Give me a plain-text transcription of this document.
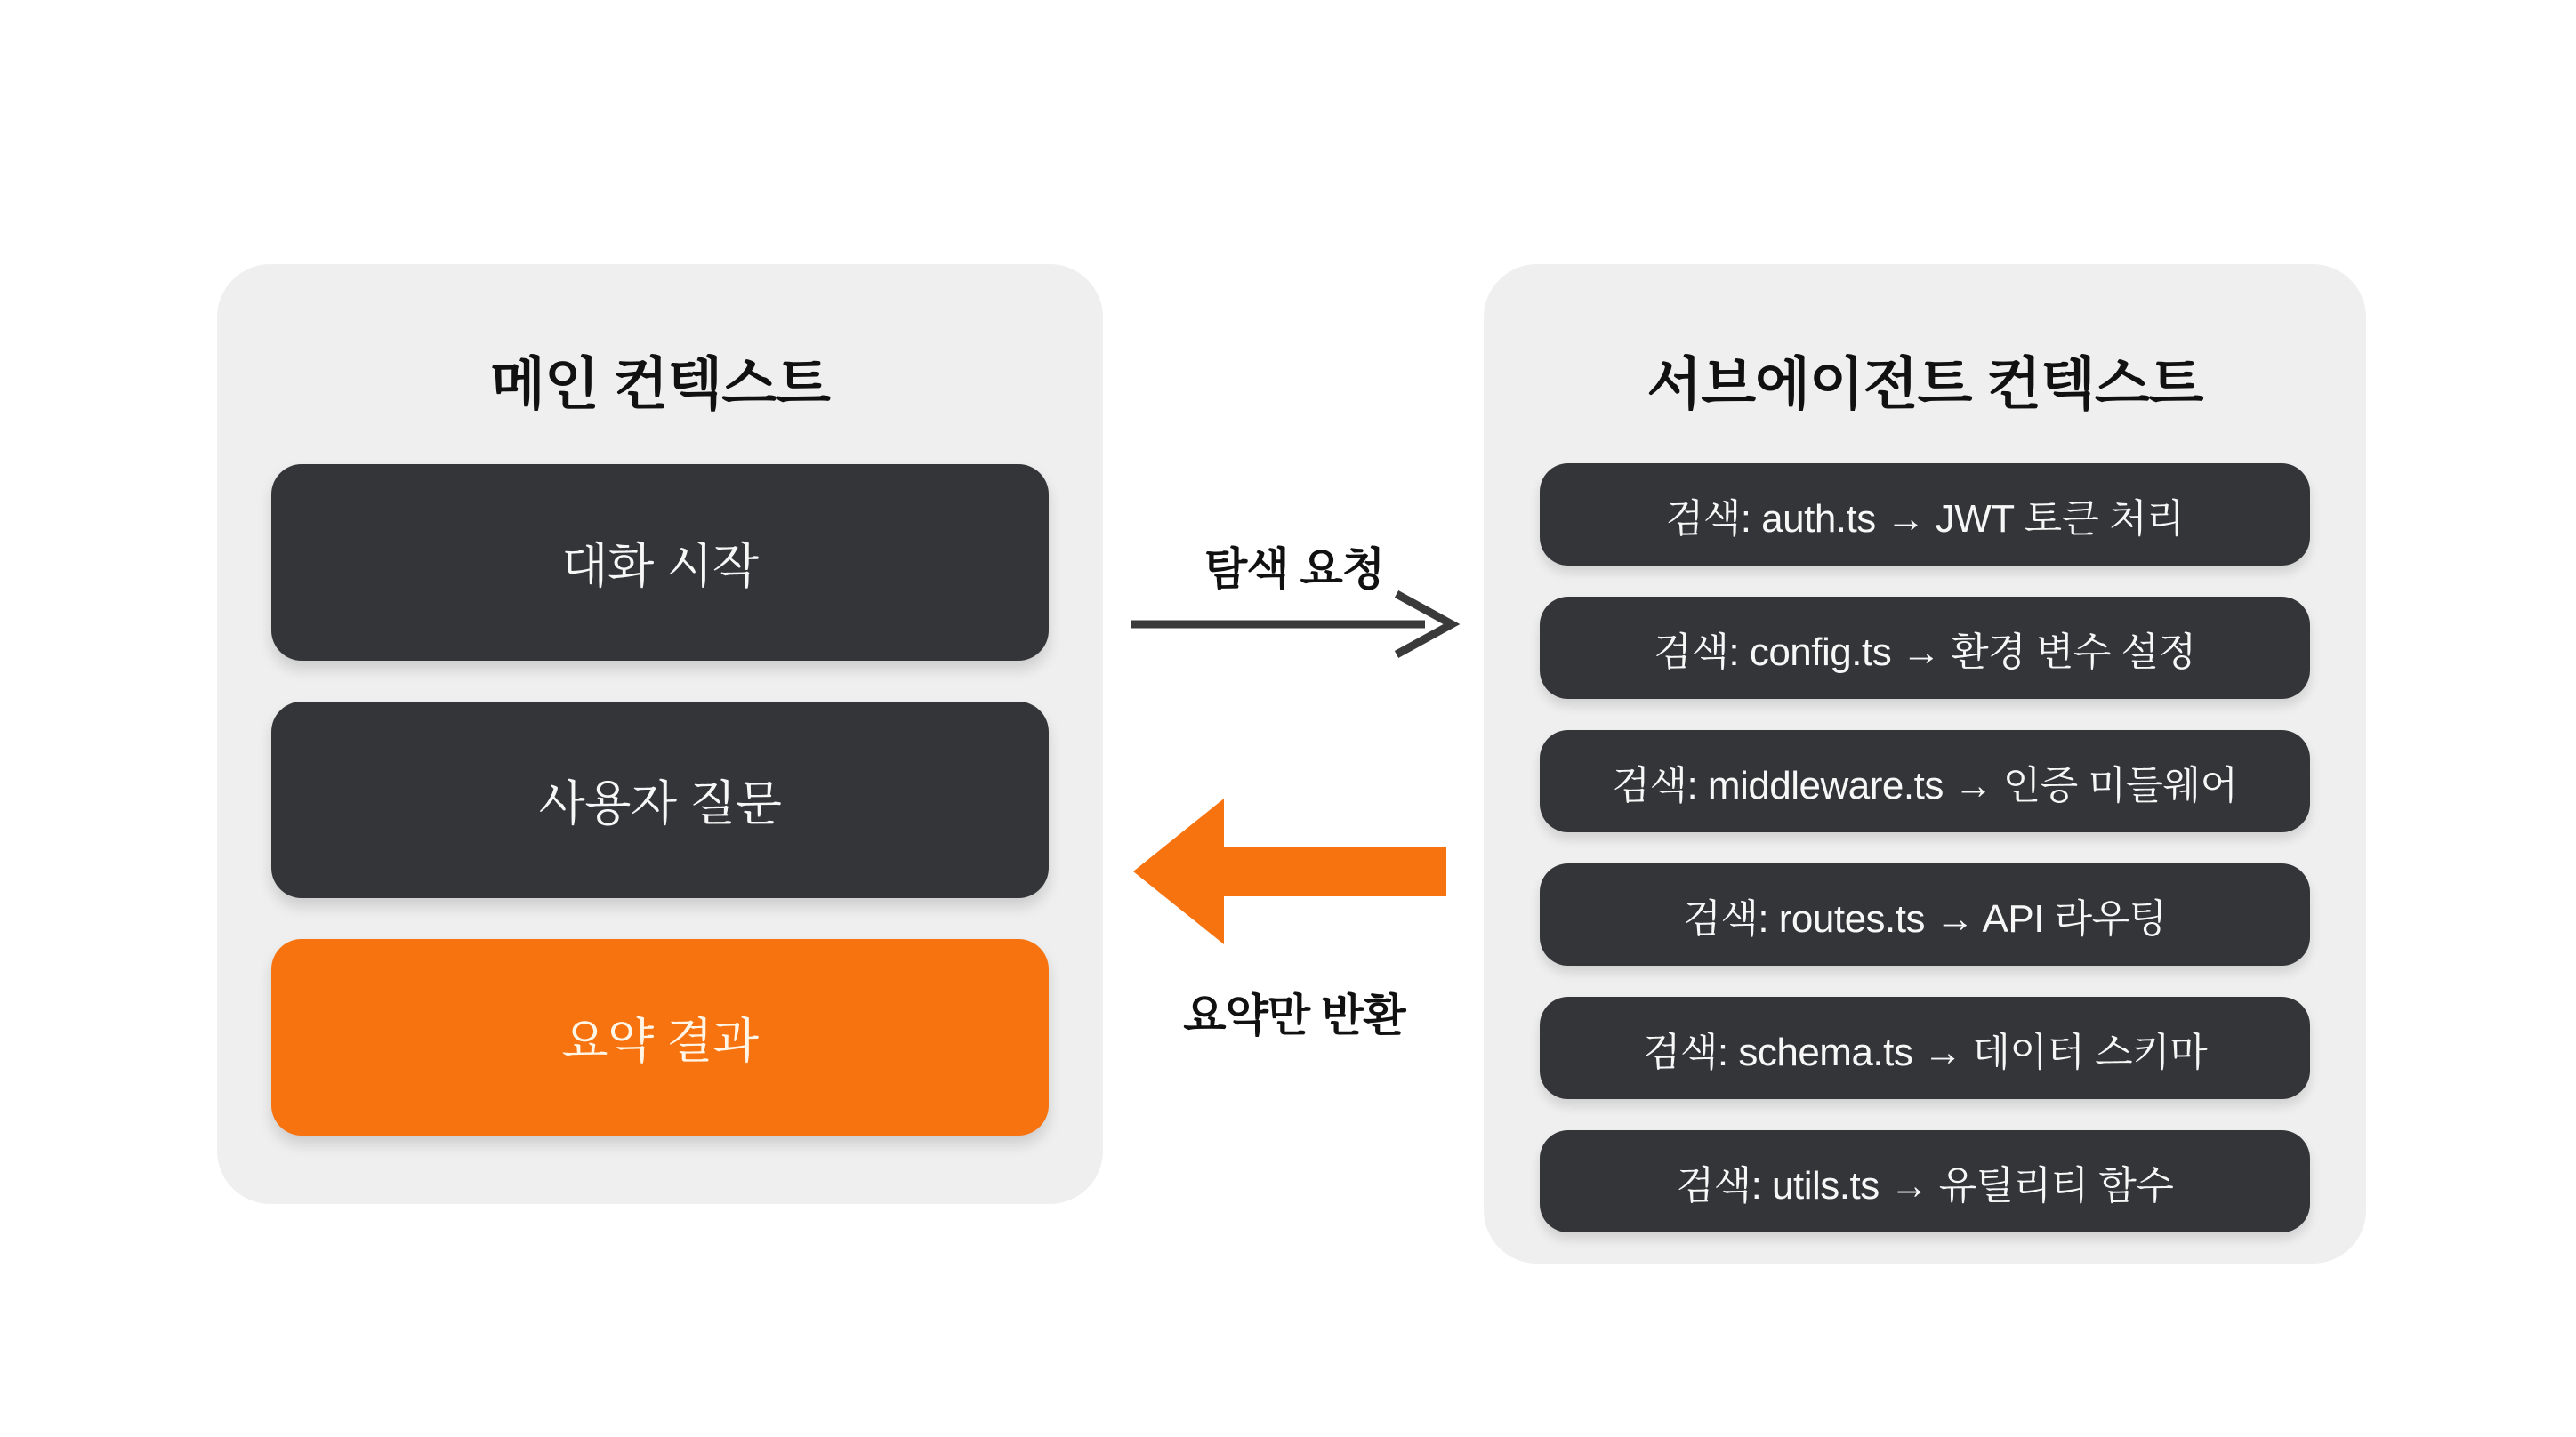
메인 컨텍스트
대화 시작
사용자 질문
요약 결과
서브에이전트 컨텍스트
검색: auth.ts → JWT 토큰 처리
검색: config.ts → 환경 변수 설정
검색: middleware.ts → 인증 미들웨어
검색: routes.ts → API 라우팅
검색: schema.ts → 데이터 스키마
검색: utils.ts → 유틸리티 함수
탐색 요청
요약만 반환
